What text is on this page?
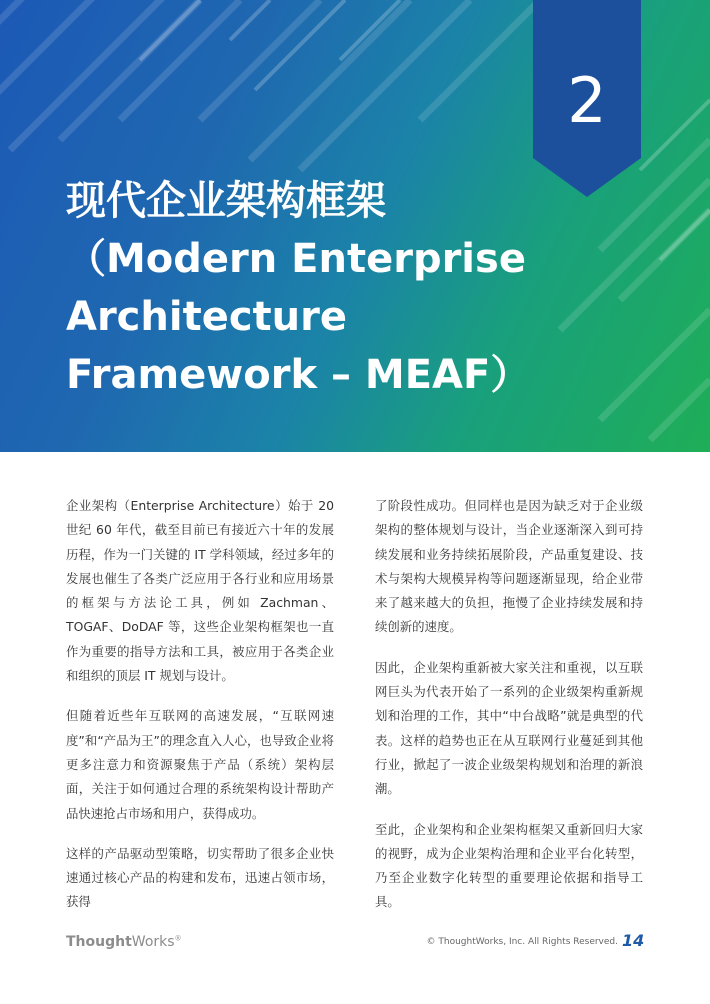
2
现代企业架构框架
（Modern Enterprise
Architecture
Framework – MEAF）

企业架构（Enterprise Architecture）始于 20 世纪 60 年代，截至目前已有接近六十年的发展历程，作为一门关键的 IT 学科领域，经过多年的发展也催生了各类广泛应用于各行业和应用场景的框架与方法论工具，例如 Zachman、TOGAF、DoDAF 等，这些企业架构框架也一直作为重要的指导方法和工具，被应用于各类企业和组织的顶层 IT 规划与设计。

但随着近些年互联网的高速发展，“互联网速度”和“产品为王”的理念直入人心，也导致企业将更多注意力和资源聚焦于产品（系统）架构层面，关注于如何通过合理的系统架构设计帮助产品快速抢占市场和用户，获得成功。

这样的产品驱动型策略，切实帮助了很多企业快速通过核心产品的构建和发布，迅速占领市场，获得

了阶段性成功。但同样也是因为缺乏对于企业级架构的整体规划与设计，当企业逐渐深入到可持续发展和业务持续拓展阶段，产品重复建设、技术与架构大规模异构等问题逐渐显现，给企业带来了越来越大的负担，拖慢了企业持续发展和持续创新的速度。

因此，企业架构重新被大家关注和重视，以互联网巨头为代表开始了一系列的企业级架构重新规划和治理的工作，其中“中台战略”就是典型的代表。这样的趋势也正在从互联网行业蔓延到其他行业，掀起了一波企业级架构规划和治理的新浪潮。

至此，企业架构和企业架构框架又重新回归大家的视野，成为企业架构治理和企业平台化转型，乃至企业数字化转型的重要理论依据和指导工具。

ThoughtWorks®	© ThoughtWorks, Inc. All Rights Reserved. 14
